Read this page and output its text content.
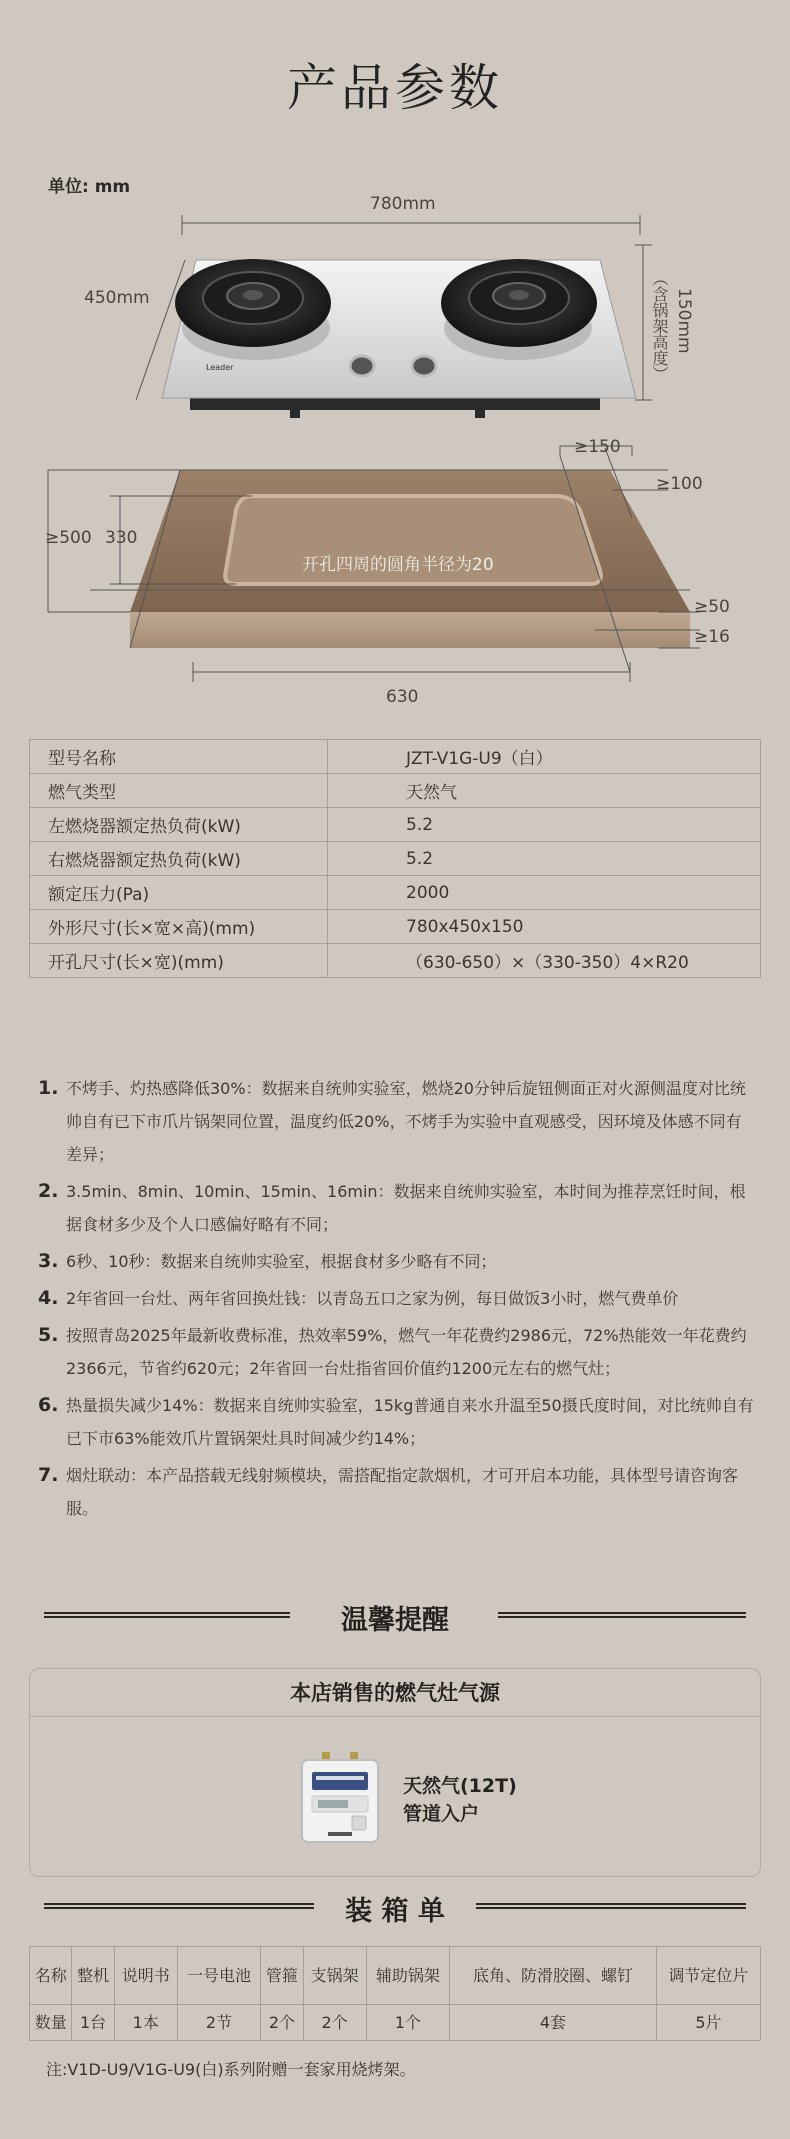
产品参数
单位: mm
Leader
780mm
450mm	150mm
（含锅架高度）
开孔四周的圆角半径为20
630
≥500 330
≥150
≥100
≥50
≥16
型号名称	JZT-V1G-U9（白）
燃气类型	天然气
左燃烧器额定热负荷(kW)	5.2
右燃烧器额定热负荷(kW)	5.2
额定压力(Pa)	2000
外形尺寸(长×宽×高)(mm)	780x450x150
开孔尺寸(长×宽)(mm)	（630-650）×（330-350）4×R20
1. 不烤手、灼热感降低30%：数据来自统帅实验室，燃烧20分钟后旋钮侧面正对火源侧温度对比统帅自有已下市爪片锅架同位置，温度约低20%，不烤手为实验中直观感受，因环境及体感不同有差异；
2. 3.5min、8min、10min、15min、16min：数据来自统帅实验室，本时间为推荐烹饪时间，根据食材多少及个人口感偏好略有不同；
3. 6秒、10秒：数据来自统帅实验室，根据食材多少略有不同；
4. 2年省回一台灶、两年省回换灶钱：以青岛五口之家为例，每日做饭3小时，燃气费单价
5. 按照青岛2025年最新收费标准，热效率59%，燃气一年花费约2986元，72%热能效一年花费约2366元，节省约620元；2年省回一台灶指省回价值约1200元左右的燃气灶；
6. 热量损失减少14%：数据来自统帅实验室，15kg普通自来水升温至50摄氏度时间，对比统帅自有已下市63%能效爪片置锅架灶具时间减少约14%；
7. 烟灶联动：本产品搭载无线射频模块，需搭配指定款烟机，才可开启本功能，具体型号请咨询客服。
温馨提醒
本店销售的燃气灶气源
天然气(12T)
管道入户
装 箱 单
名称	整机	说明书	一号电池	管箍	支锅架	辅助锅架	底角、防滑胶圈、螺钉	调节定位片
数量	1台	1本	2节	2个	2个	1个	4套	5片
注:V1D-U9/V1G-U9(白)系列附赠一套家用烧烤架。
